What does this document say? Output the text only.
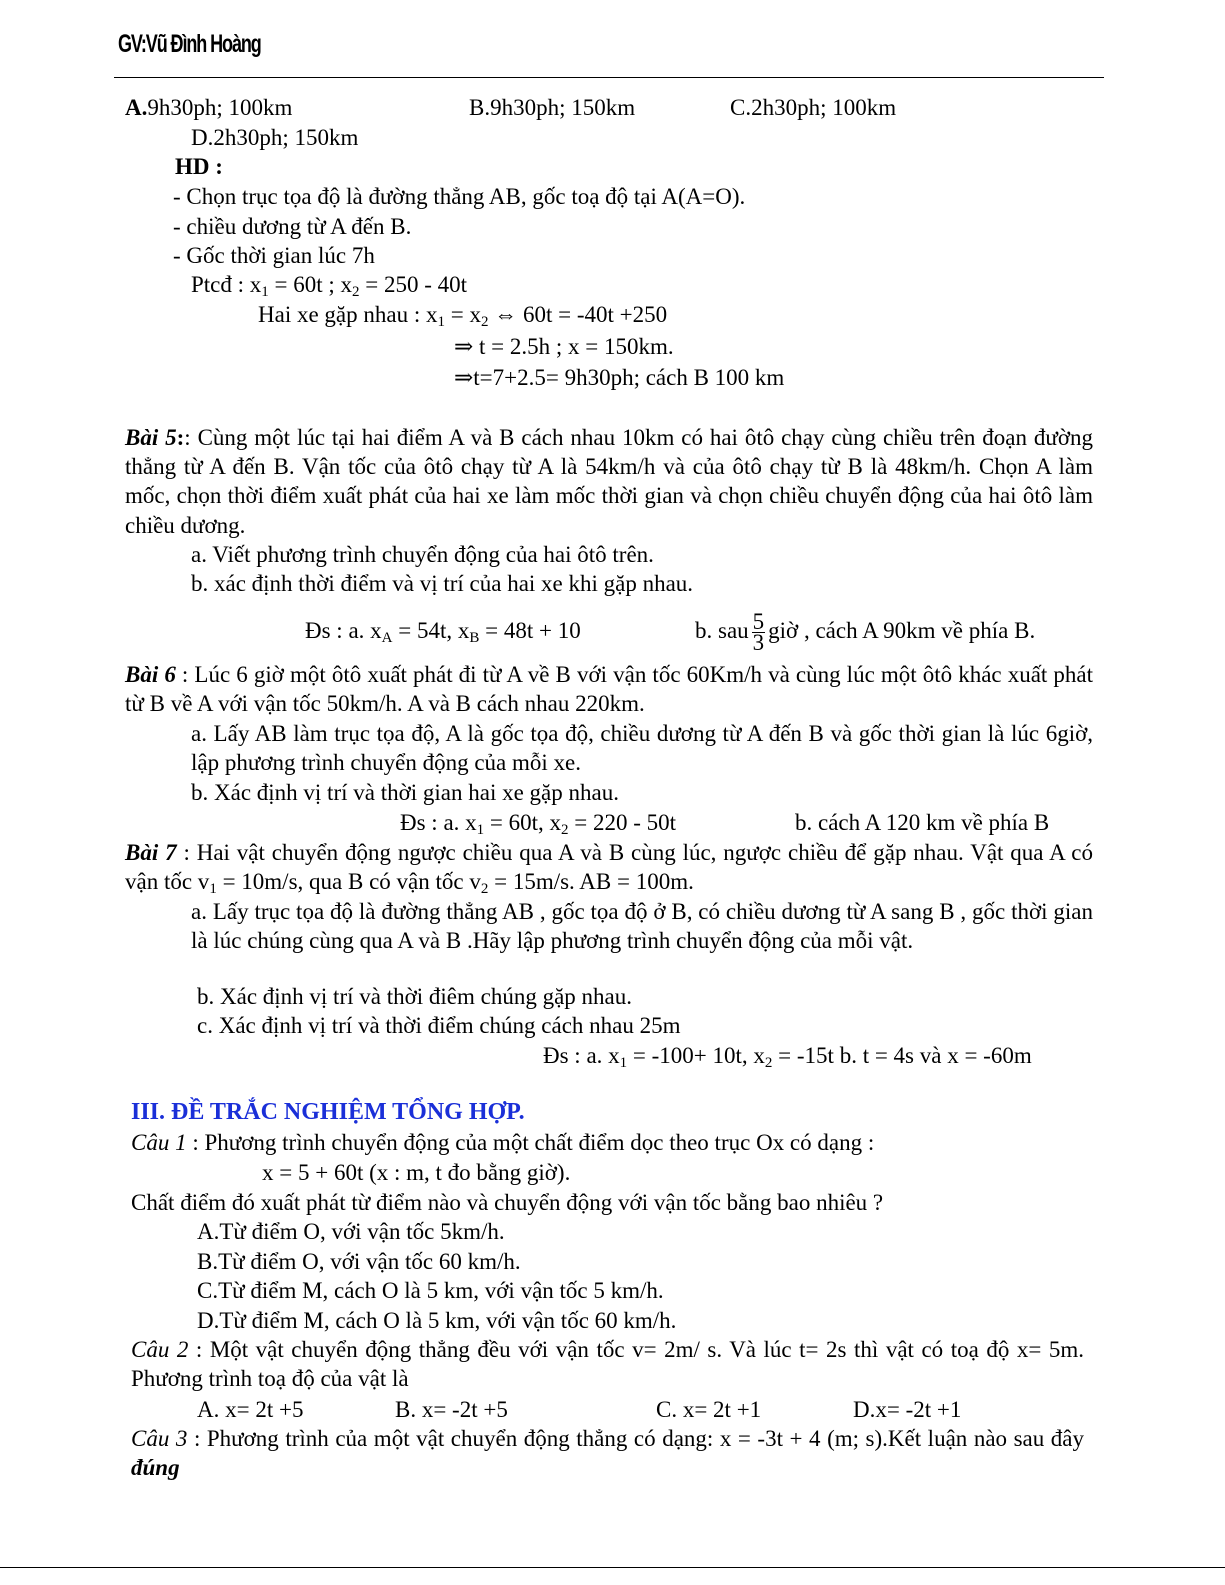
GV:Vũ Đình Hoàng
A.9h30ph; 100km	B.9h30ph; 150km	C.2h30ph; 100km
D.2h30ph; 150km
HD :
- Chọn trục tọa độ là đường thẳng AB, gốc toạ độ tại A(A=O).
- chiều dương từ A đến B.
- Gốc thời gian lúc 7h
Ptcđ : $x_1 = 60t$ ; $x_2 = 250 - 40t$
Hai xe gặp nhau : $x_1 = x_2$ ⇔ 60t = -40t +250
⇒ t = 2.5h ; x = 150km.
⇒t=7+2.5= 9h30ph; cách B 100 km
Bài 5:: Cùng một lúc tại hai điểm A và B cách nhau 10km có hai ôtô chạy cùng chiều trên đoạn đường thẳng từ A đến B. Vận tốc của ôtô chạy từ A là 54km/h và của ôtô chạy từ B là 48km/h. Chọn A làm mốc, chọn thời điểm xuất phát của hai xe làm mốc thời gian và chọn chiều chuyển động của hai ôtô làm chiều dương.
a. Viết phương trình chuyển động của hai ôtô trên.
b. xác định thời điểm và vị trí của hai xe khi gặp nhau.
Đs : a. $x_A = 54t$, $x_B = 48t + 10$	b. sau $\frac{5}{3}$ giờ , cách A 90km về phía B.
Bài 6 : Lúc 6 giờ một ôtô xuất phát đi từ A về B với vận tốc 60Km/h và cùng lúc một ôtô khác xuất phát từ B về A với vận tốc 50km/h. A và B cách nhau 220km.
a. Lấy AB làm trục tọa độ, A là gốc tọa độ, chiều dương từ A đến B và gốc thời gian là lúc 6giờ, lập phương trình chuyển động của mỗi xe.
b. Xác định vị trí và thời gian hai xe gặp nhau.
Đs : a. $x_1 = 60t$, $x_2 = 220 - 50t$	b. cách A 120 km về phía B
Bài 7 : Hai vật chuyển động ngược chiều qua A và B cùng lúc, ngược chiều để gặp nhau. Vật qua A có vận tốc $v_1 = 10m/s$, qua B có vận tốc $v_2 = 15m/s$. AB = 100m.
a. Lấy trục tọa độ là đường thẳng AB , gốc tọa độ ở B, có chiều dương từ A sang B , gốc thời gian là lúc chúng cùng qua A và B .Hãy lập phương trình chuyển động của mỗi vật.
b. Xác định vị trí và thời điêm chúng gặp nhau.
c. Xác định vị trí và thời điểm chúng cách nhau 25m
Đs : a. $x_1 = -100+ 10t$, $x_2 = -15t$ b. t = 4s và x = -60m
III. ĐỀ TRẮC NGHIỆM TỔNG HỢP.
Câu 1 : Phương trình chuyển động của một chất điểm dọc theo trục Ox có dạng :
x = 5 + 60t (x : m, t đo bằng giờ).
Chất điểm đó xuất phát từ điểm nào và chuyển động với vận tốc bằng bao nhiêu ?
A.Từ điểm O, với vận tốc 5km/h.
B.Từ điểm O, với vận tốc 60 km/h.
C.Từ điểm M, cách O là 5 km, với vận tốc 5 km/h.
D.Từ điểm M, cách O là 5 km, với vận tốc 60 km/h.
Câu 2 : Một vật chuyển động thẳng đều với vận tốc v= 2m/ s. Và lúc t= 2s thì vật có toạ độ x= 5m. Phương trình toạ độ của vật là
A. x= 2t +5	B. x= -2t +5	C. x= 2t +1	D.x= -2t +1
Câu 3 : Phương trình của một vật chuyển động thẳng có dạng: x = -3t + 4 (m; s).Kết luận nào sau đây đúng
